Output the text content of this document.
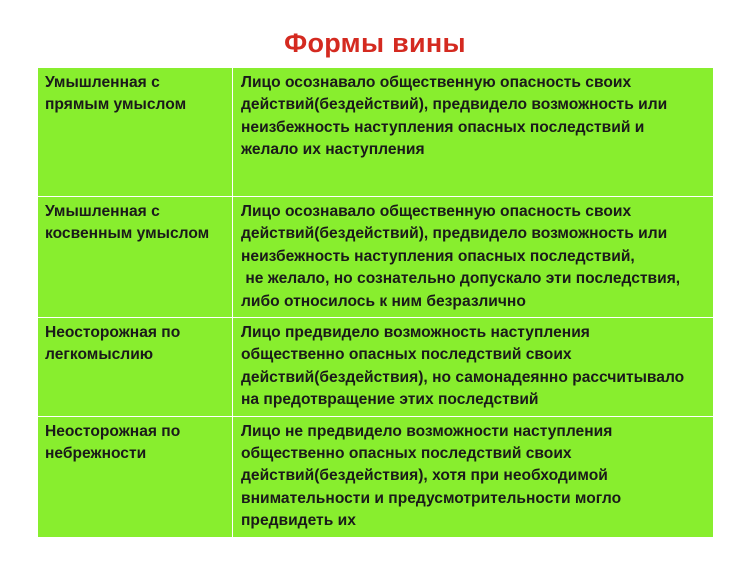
Формы вины
Умышленная с
прямым умыслом	Лицо осознавало общественную опасность своих
действий(бездействий), предвидело возможность или
неизбежность наступления опасных последствий и
желало их наступления

Умышленная с
косвенным умыслом	Лицо осознавало общественную опасность своих
действий(бездействий), предвидело возможность или
неизбежность наступления опасных последствий,
не желало, но сознательно допускало эти последствия,
либо относилось к ним безразлично

Неосторожная по
легкомыслию	Лицо предвидело возможность наступления
общественно опасных последствий своих
действий(бездействия), но самонадеянно рассчитывало
на предотвращение этих последствий

Неосторожная по
небрежности	Лицо не предвидело возможности наступления
общественно опасных последствий своих
действий(бездействия), хотя при необходимой
внимательности и предусмотрительности могло
предвидеть их
